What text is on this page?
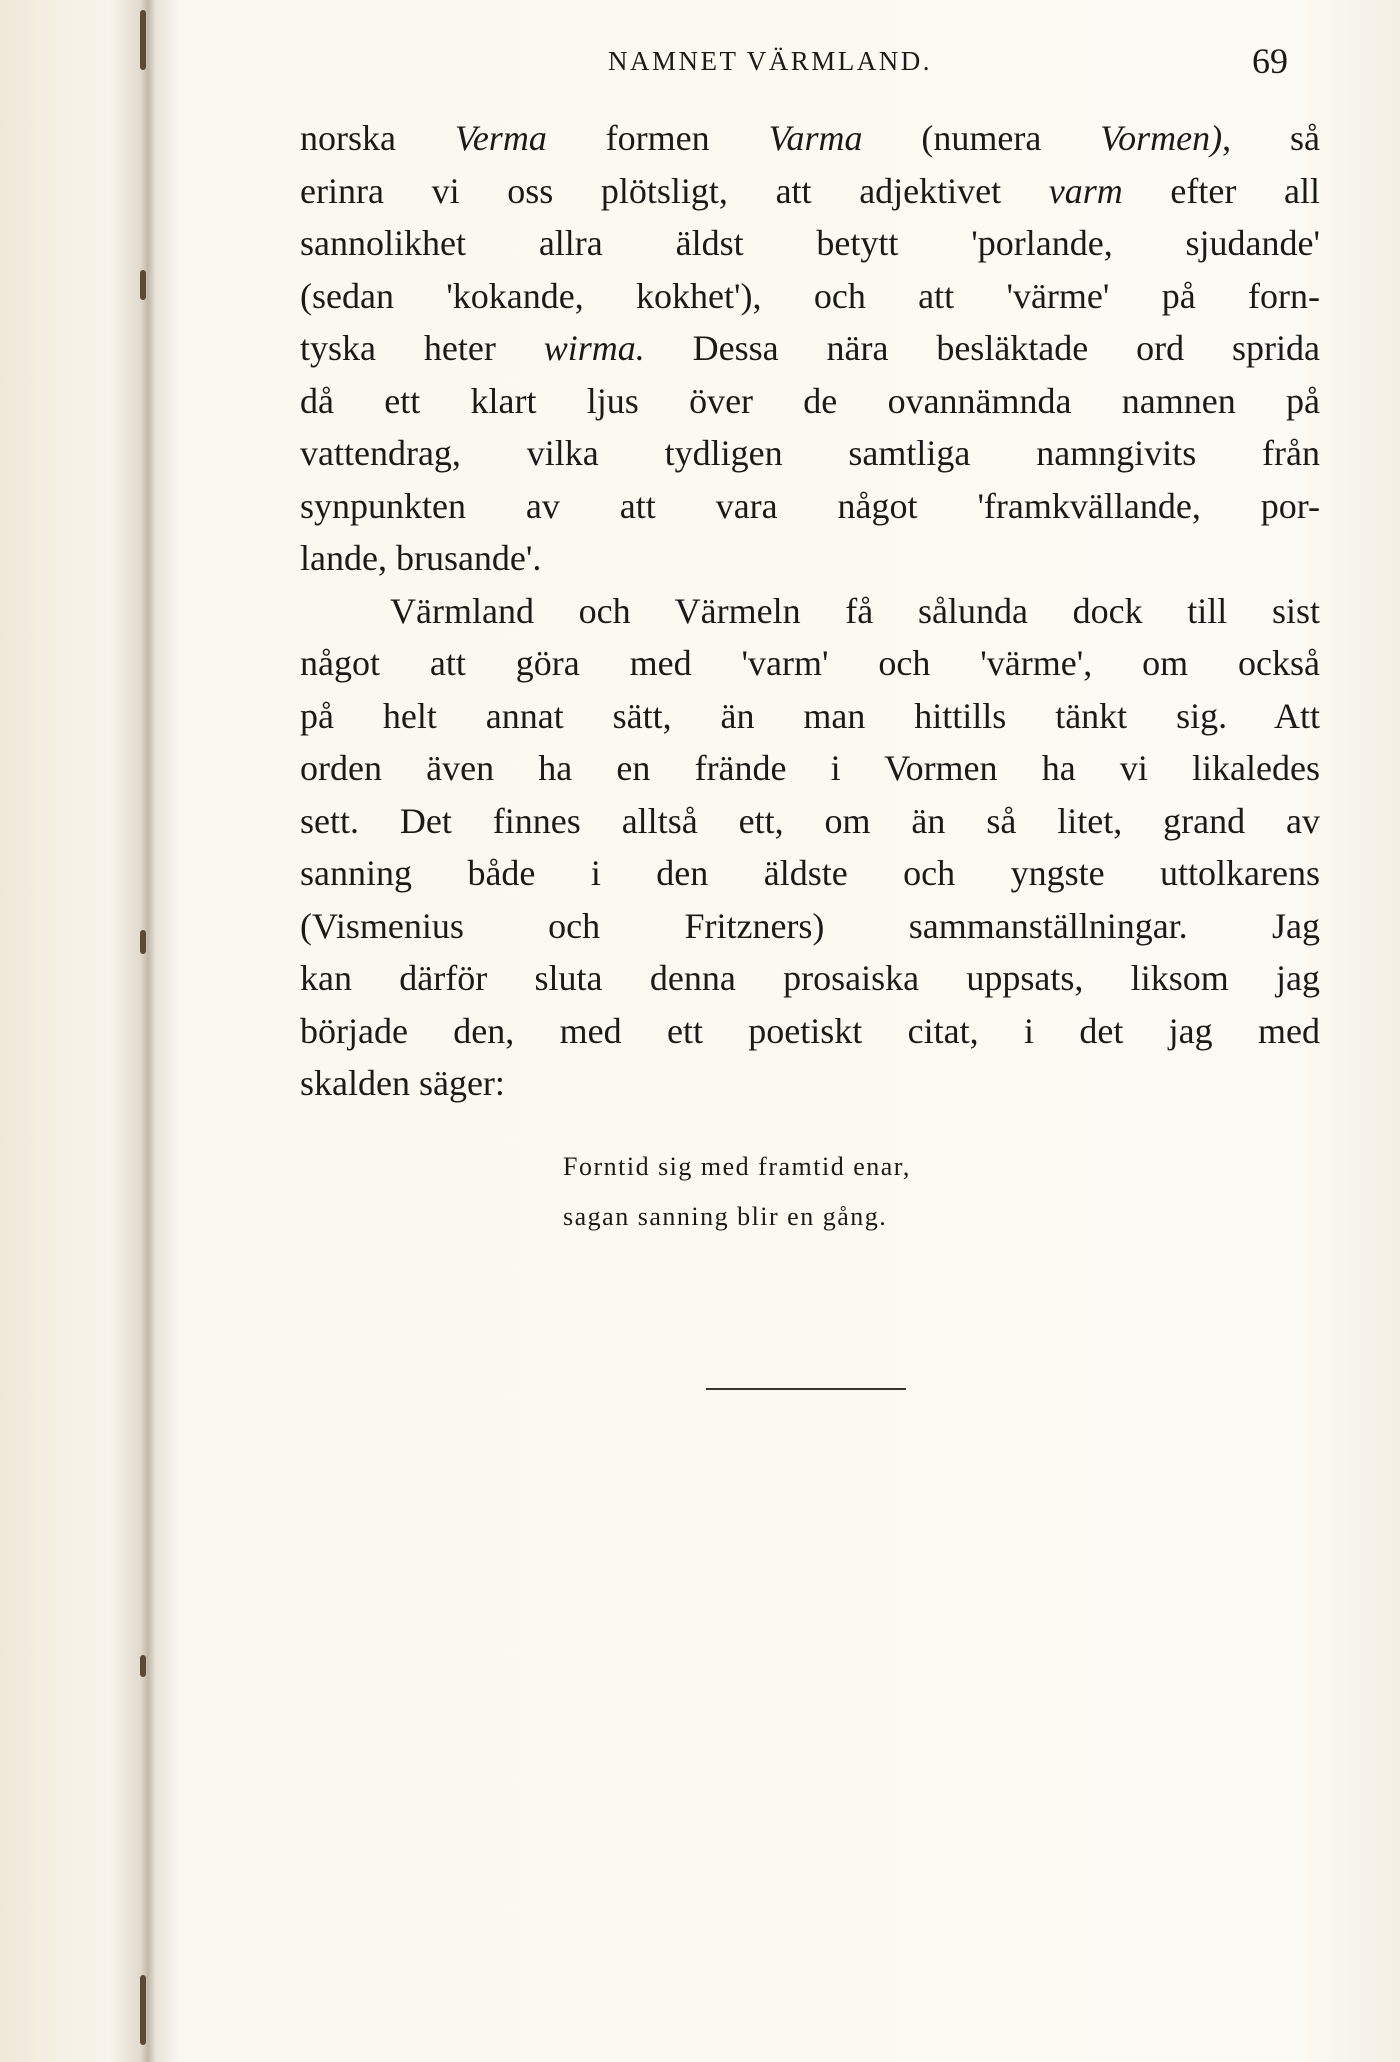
NAMNET VÄRMLAND.	69
norska Verma formen Varma (numera Vormen), så
erinra vi oss plötsligt, att adjektivet varm efter all
sannolikhet allra äldst betytt 'porlande, sjudande'
(sedan 'kokande, kokhet'), och att 'värme' på forn-
tyska heter wirma. Dessa nära besläktade ord sprida
då ett klart ljus över de ovannämnda namnen på
vattendrag, vilka tydligen samtliga namngivits från
synpunkten av att vara något 'framkvällande, por-
lande, brusande'.
Värmland och Värmeln få sålunda dock till sist
något att göra med 'varm' och 'värme', om också
på helt annat sätt, än man hittills tänkt sig. Att
orden även ha en frände i Vormen ha vi likaledes
sett. Det finnes alltså ett, om än så litet, grand av
sanning både i den äldste och yngste uttolkarens
(Vismenius och Fritzners) sammanställningar. Jag
kan därför sluta denna prosaiska uppsats, liksom jag
började den, med ett poetiskt citat, i det jag med
skalden säger:
Forntid sig med framtid enar,
sagan sanning blir en gång.
